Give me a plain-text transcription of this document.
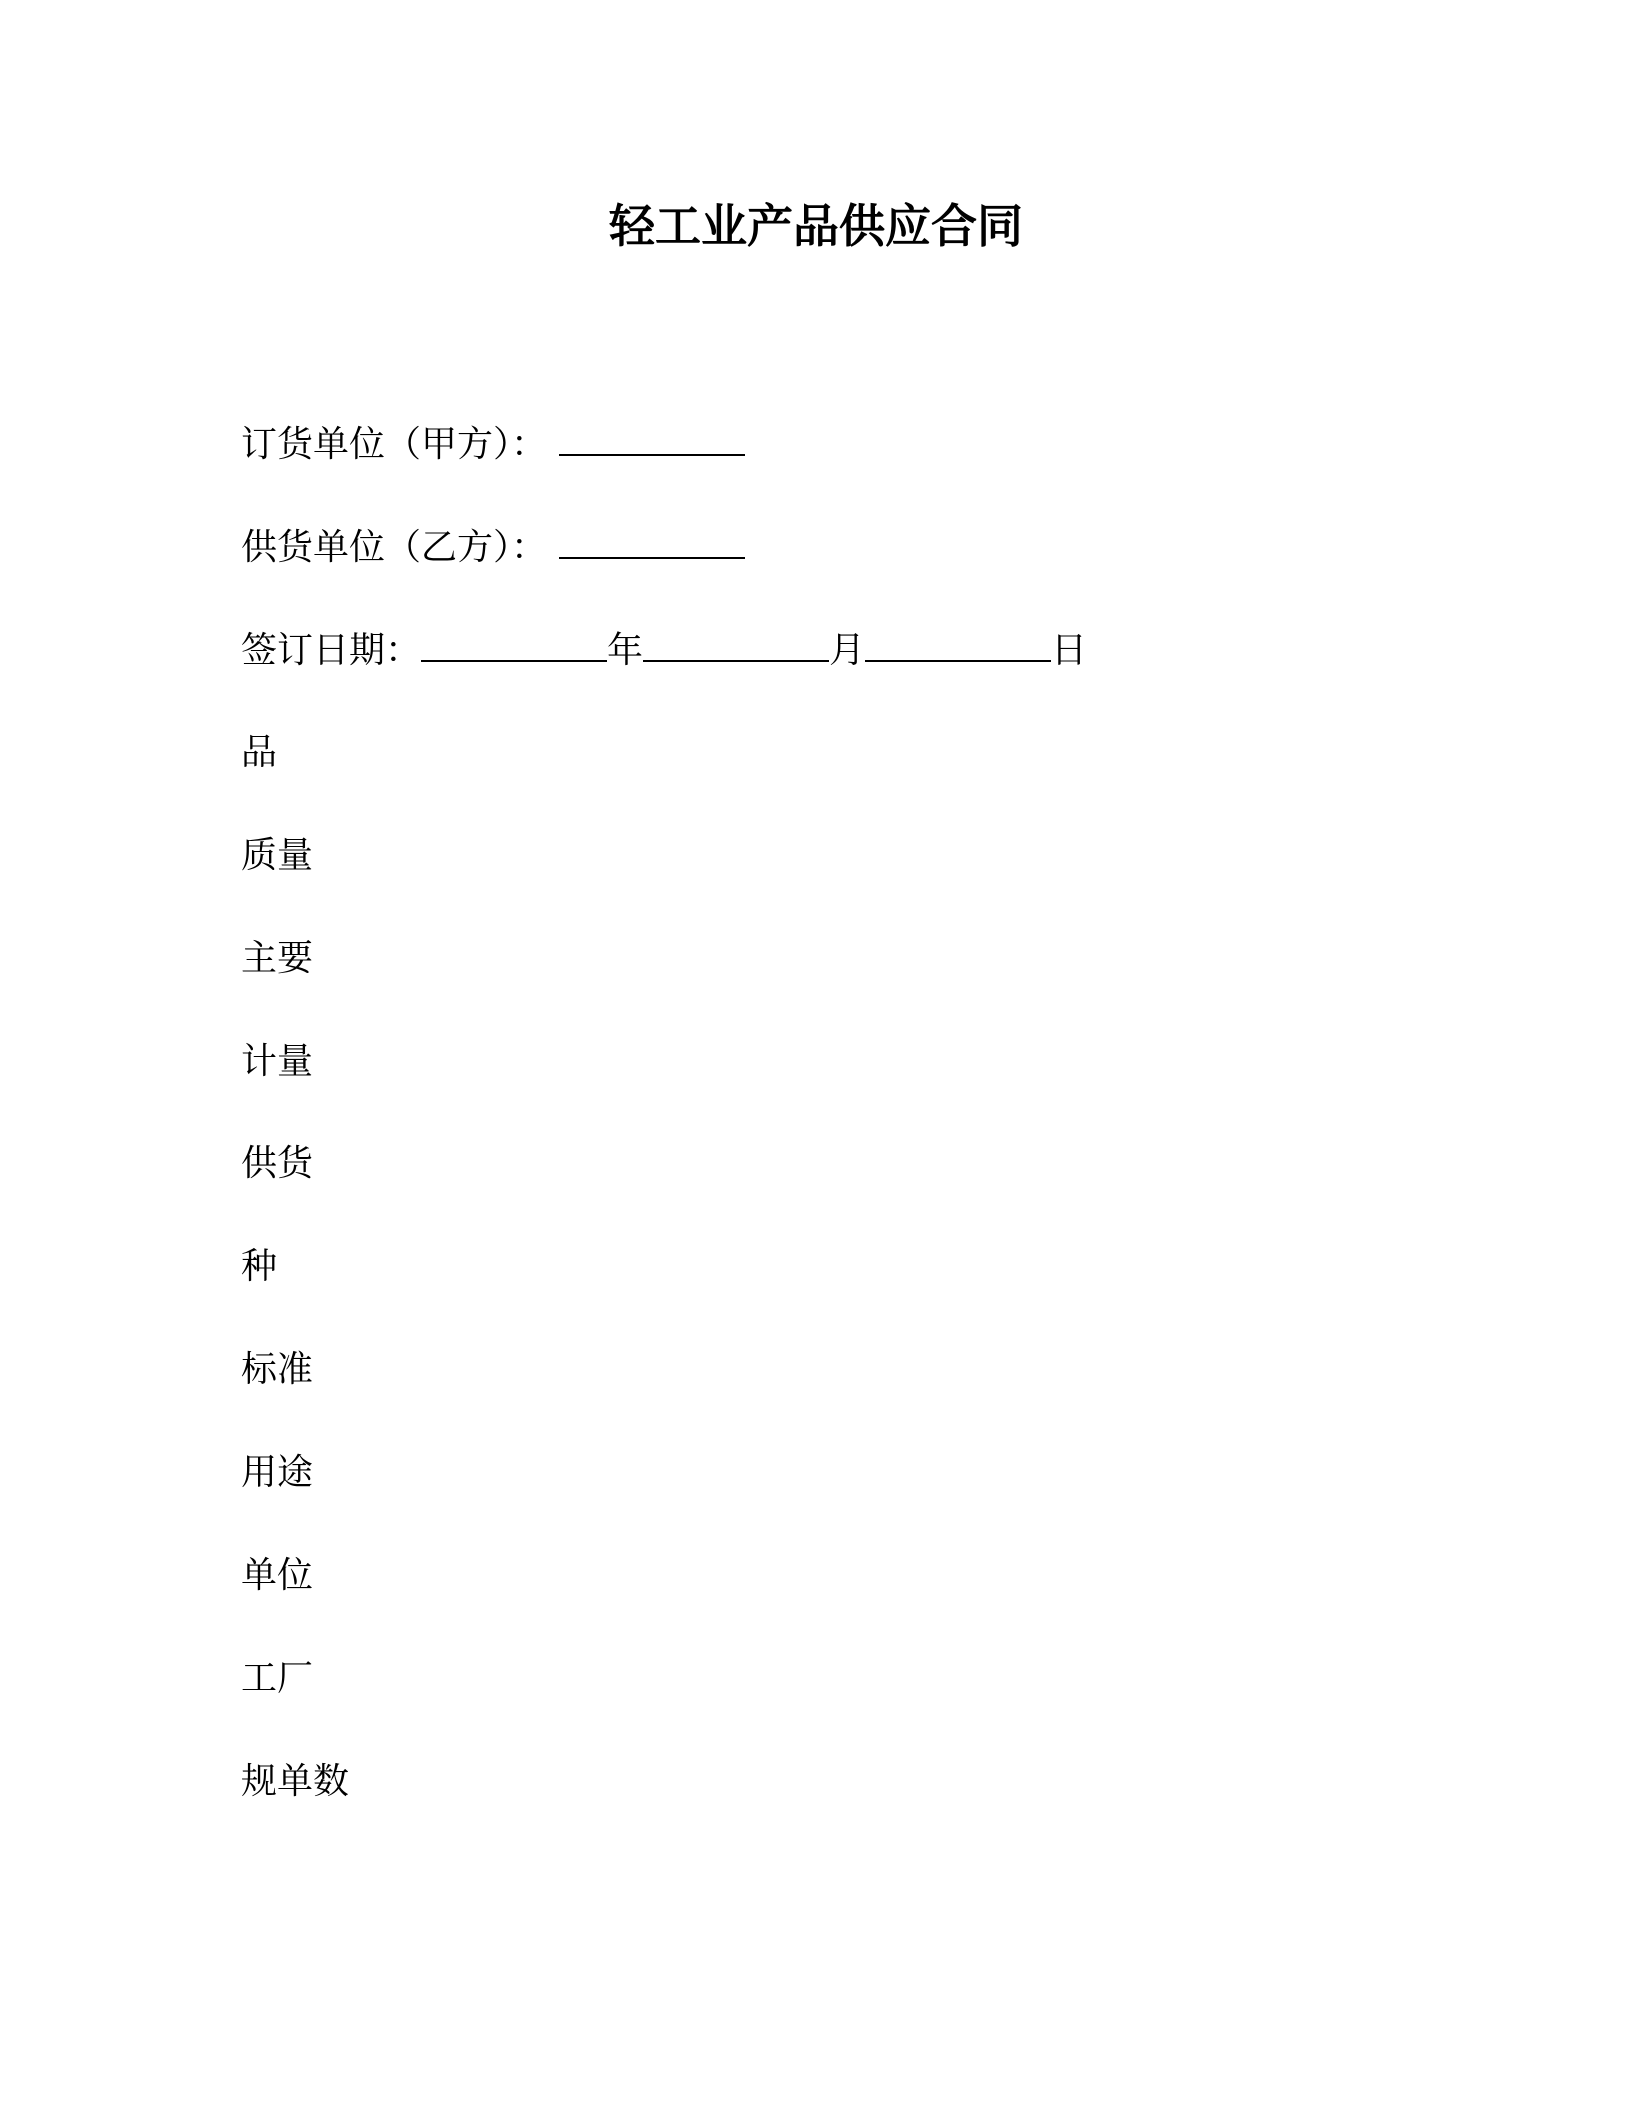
轻工业产品供应合同
订货单位（甲方）：
供货单位（乙方）：
签订日期：	年	月	日
品
质量
主要
计量
供货
种
标准
用途
单位
工厂
规单数
